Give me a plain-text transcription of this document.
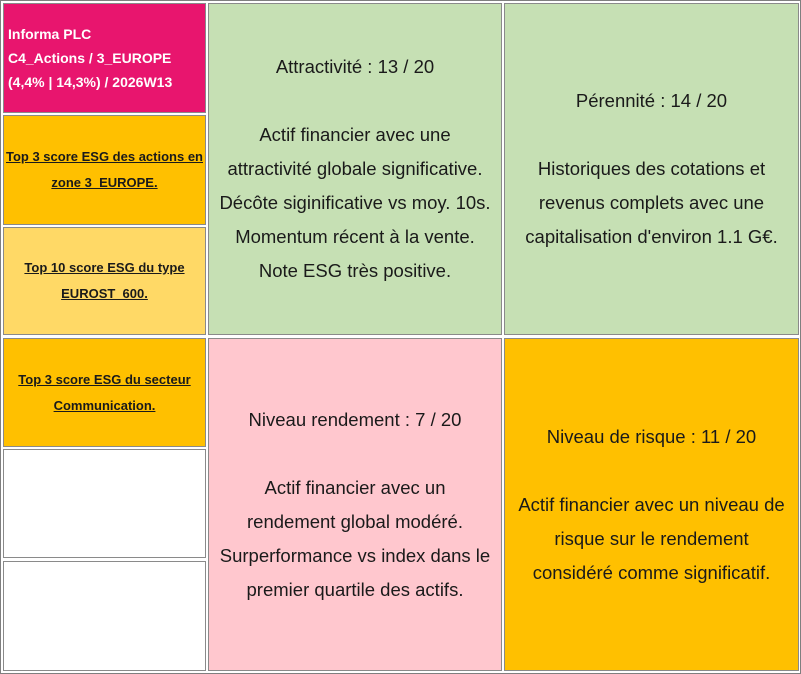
Informa PLC
C4_Actions / 3_EUROPE
(4,4% | 14,3%) / 2026W13
Top 3 score ESG des actions en zone 3_EUROPE.
Top 10 score ESG du type EUROST_600.
Top 3 score ESG du secteur Communication.
Attractivité : 13 / 20
Actif financier avec une
attractivité globale significative.
Décôte siginificative vs moy. 10s.
Momentum récent à la vente.
Note ESG très positive.
Pérennité : 14 / 20
Historiques des cotations et
revenus complets avec une
capitalisation d'environ 1.1 G€.
Niveau rendement : 7 / 20
Actif financier avec un
rendement global modéré.
Surperformance vs index dans le
premier quartile des actifs.
Niveau de risque : 11 / 20
Actif financier avec un niveau de
risque sur le rendement
considéré comme significatif.
